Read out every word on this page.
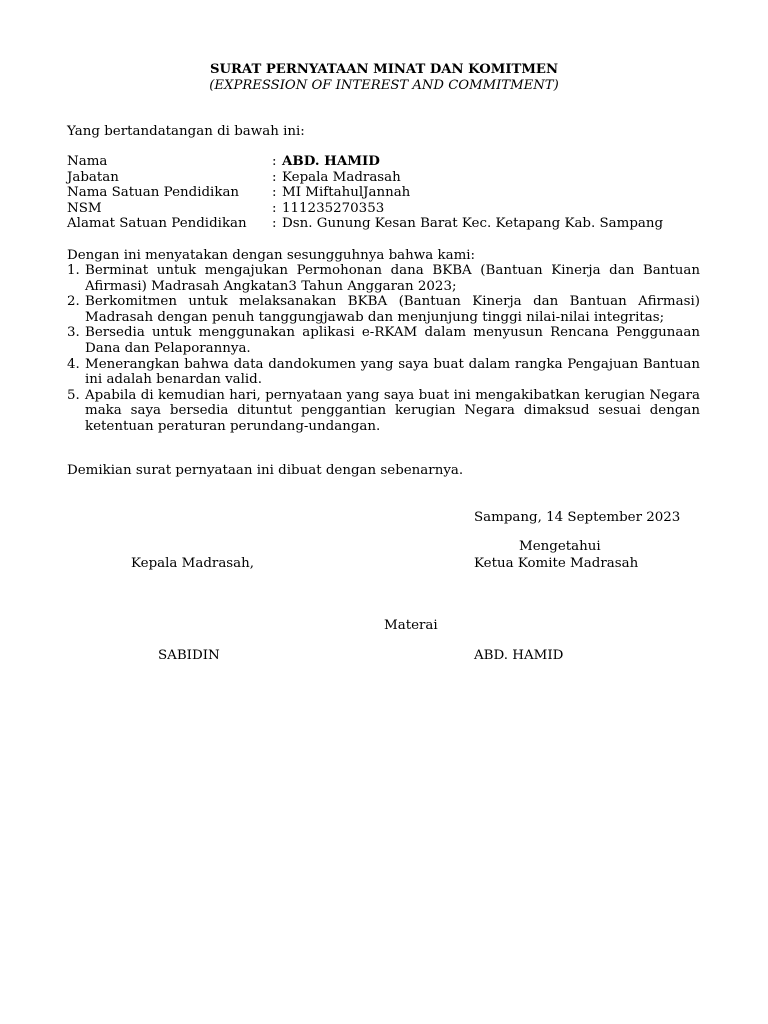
SURAT PERNYATAAN MINAT DAN KOMITMEN
(EXPRESSION OF INTEREST AND COMMITMENT)
Yang bertandatangan di bawah ini:
Nama	: ABD. HAMID
Jabatan	: Kepala Madrasah
Nama Satuan Pendidikan	: MI MiftahulJannah
NSM	: 111235270353
Alamat Satuan Pendidikan	: Dsn. Gunung Kesan Barat Kec. Ketapang Kab. Sampang
Dengan ini menyatakan dengan sesungguhnya bahwa kami:
1. Berminat untuk mengajukan Permohonan dana BKBA (Bantuan Kinerja dan Bantuan Afirmasi) Madrasah Angkatan3 Tahun Anggaran 2023;
2. Berkomitmen untuk melaksanakan BKBA (Bantuan Kinerja dan Bantuan Afirmasi) Madrasah dengan penuh tanggungjawab dan menjunjung tinggi nilai-nilai integritas;
3. Bersedia untuk menggunakan aplikasi e-RKAM dalam menyusun Rencana Penggunaan Dana dan Pelaporannya.
4. Menerangkan bahwa data dandokumen yang saya buat dalam rangka Pengajuan Bantuan ini adalah benardan valid.
5. Apabila di kemudian hari, pernyataan yang saya buat ini mengakibatkan kerugian Negara maka saya bersedia dituntut penggantian kerugian Negara dimaksud sesuai dengan ketentuan peraturan perundang-undangan.
Demikian surat pernyataan ini dibuat dengan sebenarnya.
Sampang, 14 September 2023
Mengetahui
Kepala Madrasah,	Ketua Komite Madrasah
Materai
SABIDIN	ABD. HAMID
